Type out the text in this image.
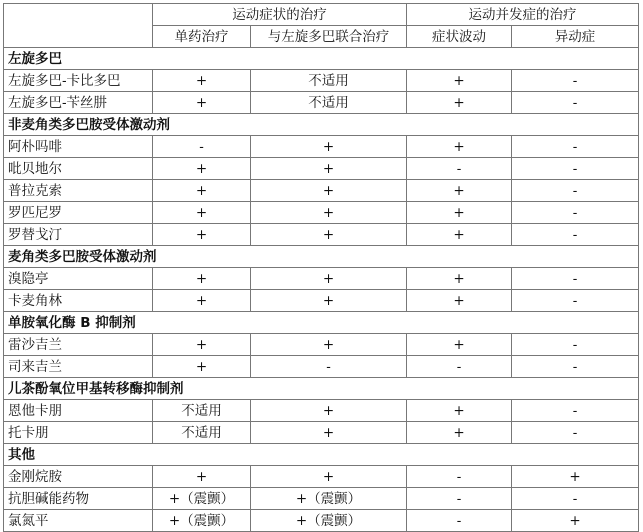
	运动症状的治疗		运动并发症的治疗	
	单药治疗	与左旋多巴联合治疗	症状波动	异动症
左旋多巴				
左旋多巴-卡比多巴	+	不适用	+	-
左旋多巴-苄丝肼	+	不适用	+	-
非麦角类多巴胺受体激动剂				
阿朴吗啡	-	+	+	-
吡贝地尔	+	+	-	-
普拉克索	+	+	+	-
罗匹尼罗	+	+	+	-
罗替戈汀	+	+	+	-
麦角类多巴胺受体激动剂				
溴隐亭	+	+	+	-
卡麦角林	+	+	+	-
单胺氧化酶 B 抑制剂				
雷沙吉兰	+	+	+	-
司来吉兰	+	-	-	-
儿茶酚氧位甲基转移酶抑制剂				
恩他卡朋	不适用	+	+	-
托卡朋	不适用	+	+	-
其他				
金刚烷胺	+	+	-	+
抗胆碱能药物	+（震颤）	+（震颤）	-	-
氯氮平	+（震颤）	+（震颤）	-	+
